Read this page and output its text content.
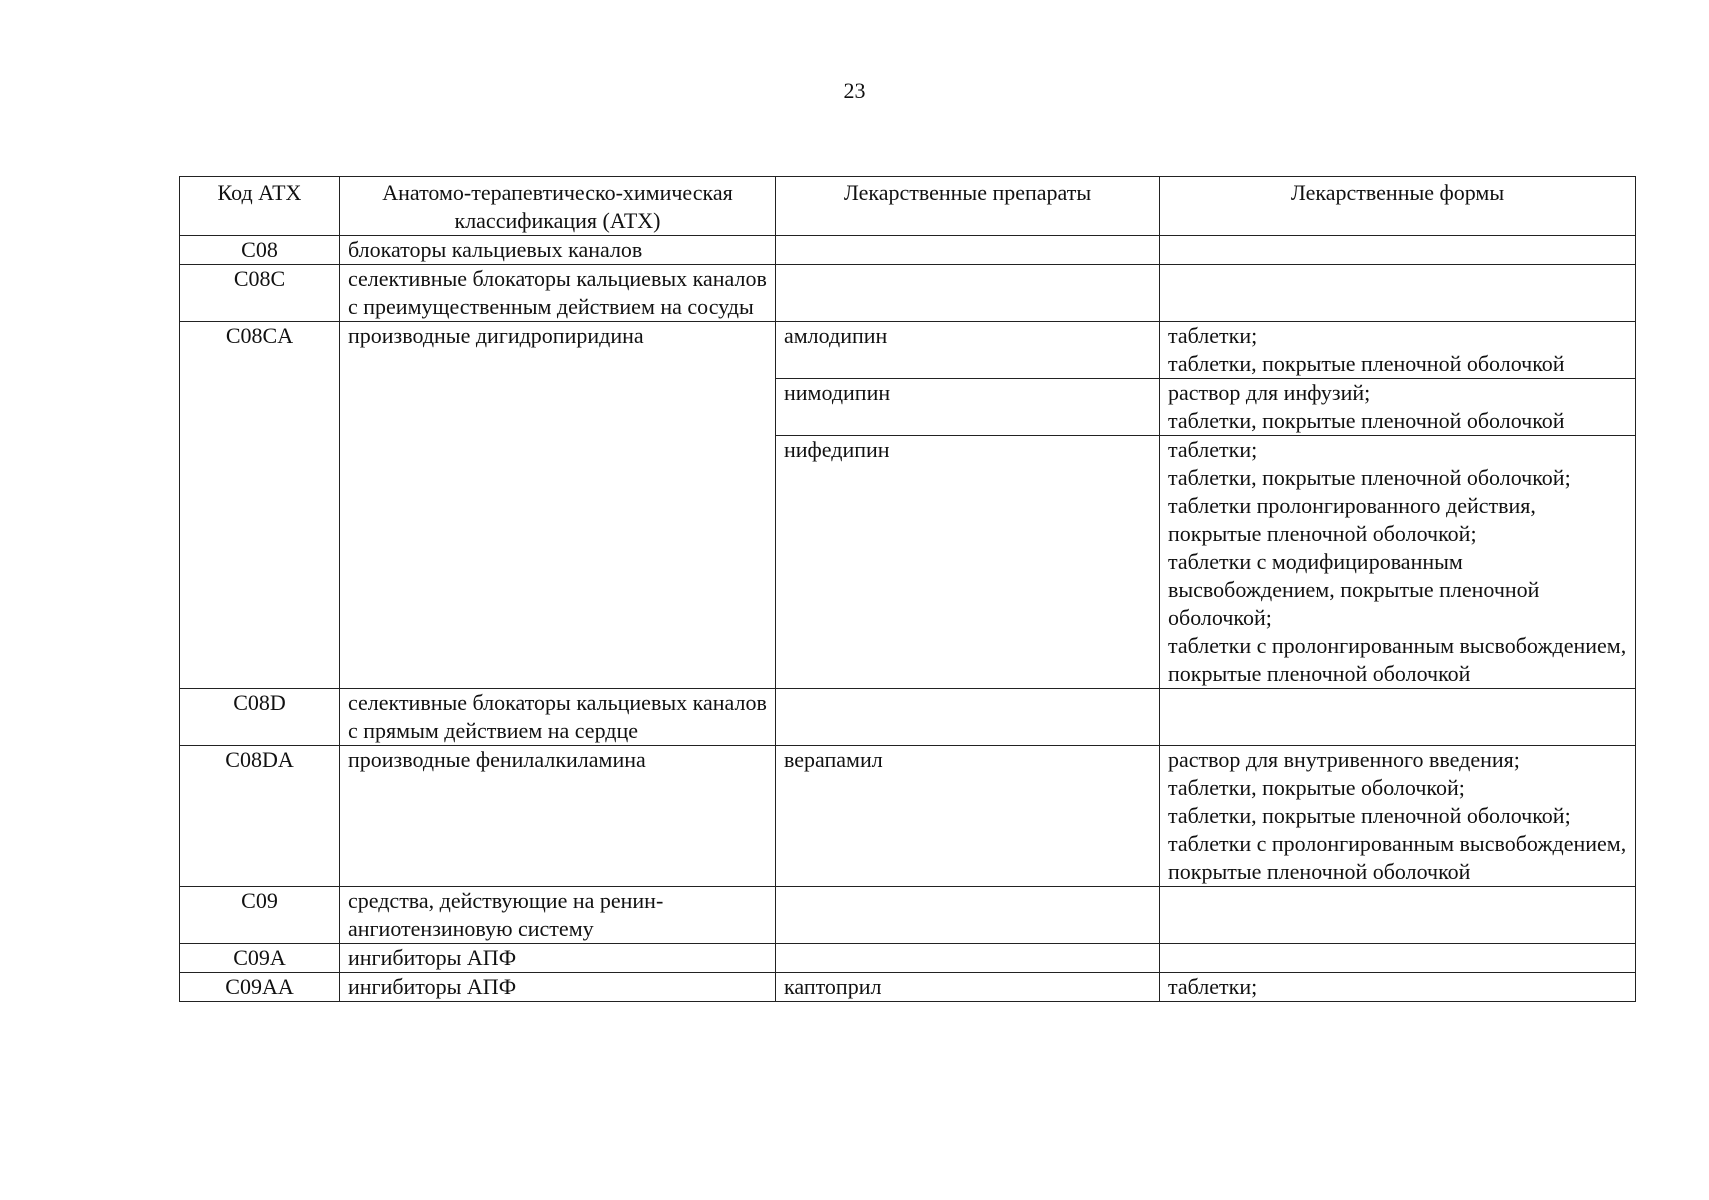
23
Код АТХ	Анатомо-терапевтическо-химическая классификация (АТХ)	Лекарственные препараты	Лекарственные формы
C08	блокаторы кальциевых каналов		
C08C	селективные блокаторы кальциевых каналов с преимущественным действием на сосуды		
C08CA	производные дигидропиридина	амлодипин	таблетки;
таблетки, покрытые пленочной оболочкой
		нимодипин	раствор для инфузий;
таблетки, покрытые пленочной оболочкой
		нифедипин	таблетки;
таблетки, покрытые пленочной оболочкой;
таблетки пролонгированного действия, покрытые пленочной оболочкой;
таблетки с модифицированным высвобождением, покрытые пленочной оболочкой;
таблетки с пролонгированным высвобождением, покрытые пленочной оболочкой
C08D	селективные блокаторы кальциевых каналов с прямым действием на сердце		
C08DA	производные фенилалкиламина	верапамил	раствор для внутривенного введения;
таблетки, покрытые оболочкой;
таблетки, покрытые пленочной оболочкой;
таблетки с пролонгированным высвобождением, покрытые пленочной оболочкой
C09	средства, действующие на ренин-ангиотензиновую систему		
C09A	ингибиторы АПФ		
C09AA	ингибиторы АПФ	каптоприл	таблетки;
